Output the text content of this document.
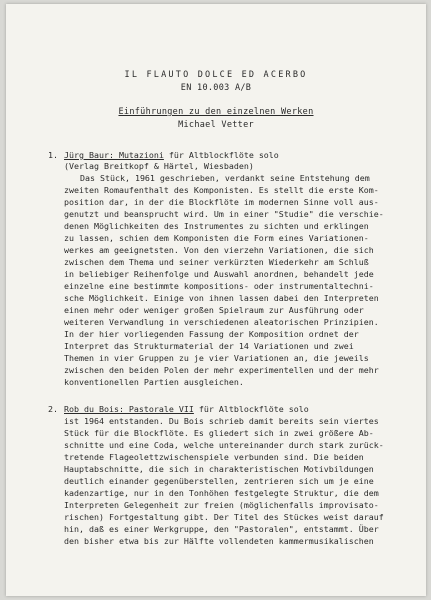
IL FLAUTO DOLCE ED ACERBO
EN 10.003 A/B
Einführungen zu den einzelnen Werken
Michael Vetter
1. Jürg Baur: Mutazioni für Altblockflöte solo
(Verlag Breitkopf & Härtel, Wiesbaden)
Das Stück, 1961 geschrieben, verdankt seine Entstehung dem
zweiten Romaufenthalt des Komponisten. Es stellt die erste Kom-
position dar, in der die Blockflöte im modernen Sinne voll aus-
genutzt und beansprucht wird. Um in einer "Studie" die verschie-
denen Möglichkeiten des Instrumentes zu sichten und erklingen
zu lassen, schien dem Komponisten die Form eines Variationen-
werkes am geeignetsten. Von den vierzehn Variationen, die sich
zwischen dem Thema und seiner verkürzten Wiederkehr am Schluß
in beliebiger Reihenfolge und Auswahl anordnen, behandelt jede
einzelne eine bestimmte kompositions- oder instrumentaltechni-
sche Möglichkeit. Einige von ihnen lassen dabei den Interpreten
einen mehr oder weniger großen Spielraum zur Ausführung oder
weiteren Verwandlung in verschiedenen aleatorischen Prinzipien.
In der hier vorliegenden Fassung der Komposition ordnet der
Interpret das Strukturmaterial der 14 Variationen und zwei
Themen in vier Gruppen zu je vier Variationen an, die jeweils
zwischen den beiden Polen der mehr experimentellen und der mehr
konventionellen Partien ausgleichen.
2. Rob du Bois: Pastorale VII für Altblockflöte solo
ist 1964 entstanden. Du Bois schrieb damit bereits sein viertes
Stück für die Blockflöte. Es gliedert sich in zwei größere Ab-
schnitte und eine Coda, welche untereinander durch stark zurück-
tretende Flageolettzwischenspiele verbunden sind. Die beiden
Hauptabschnitte, die sich in charakteristischen Motivbildungen
deutlich einander gegenüberstellen, zentrieren sich um je eine
kadenzartige, nur in den Tonhöhen festgelegte Struktur, die dem
Interpreten Gelegenheit zur freien (möglichenfalls improvisato-
rischen) Fortgestaltung gibt. Der Titel des Stückes weist darauf
hin, daß es einer Werkgruppe, den "Pastoralen", entstammt. Über
den bisher etwa bis zur Hälfte vollendeten kammermusikalischen
